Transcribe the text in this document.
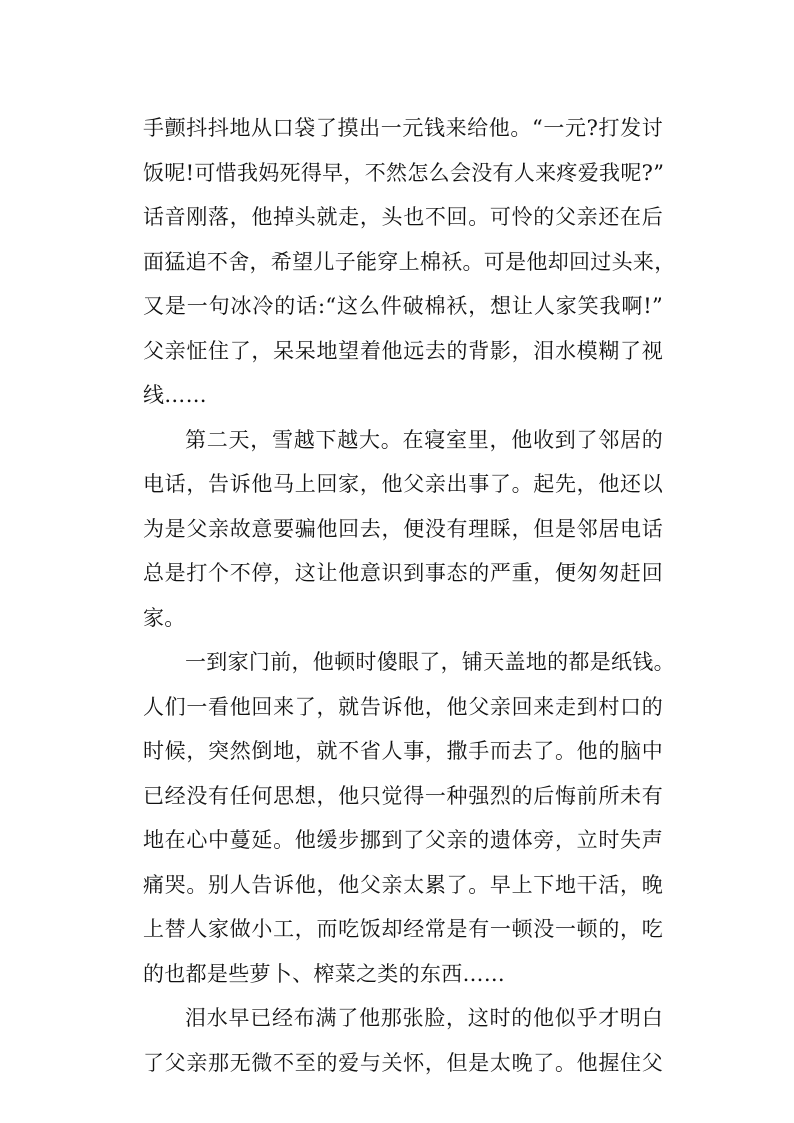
手颤抖抖地从口袋了摸出一元钱来给他。“一元?打发讨
饭呢!可惜我妈死得早，不然怎么会没有人来疼爱我呢?”
话音刚落，他掉头就走，头也不回。可怜的父亲还在后
面猛追不舍，希望儿子能穿上棉袄。可是他却回过头来，
又是一句冰冷的话:“这么件破棉袄，想让人家笑我啊!”
父亲怔住了，呆呆地望着他远去的背影，泪水模糊了视
线……
第二天，雪越下越大。在寝室里，他收到了邻居的
电话，告诉他马上回家，他父亲出事了。起先，他还以
为是父亲故意要骗他回去，便没有理睬，但是邻居电话
总是打个不停，这让他意识到事态的严重，便匆匆赶回
家。
一到家门前，他顿时傻眼了，铺天盖地的都是纸钱。
人们一看他回来了，就告诉他，他父亲回来走到村口的
时候，突然倒地，就不省人事，撒手而去了。他的脑中
已经没有任何思想，他只觉得一种强烈的后悔前所未有
地在心中蔓延。他缓步挪到了父亲的遗体旁，立时失声
痛哭。别人告诉他，他父亲太累了。早上下地干活，晚
上替人家做小工，而吃饭却经常是有一顿没一顿的，吃
的也都是些萝卜、榨菜之类的东西……
泪水早已经布满了他那张脸，这时的他似乎才明白
了父亲那无微不至的爱与关怀，但是太晚了。他握住父
